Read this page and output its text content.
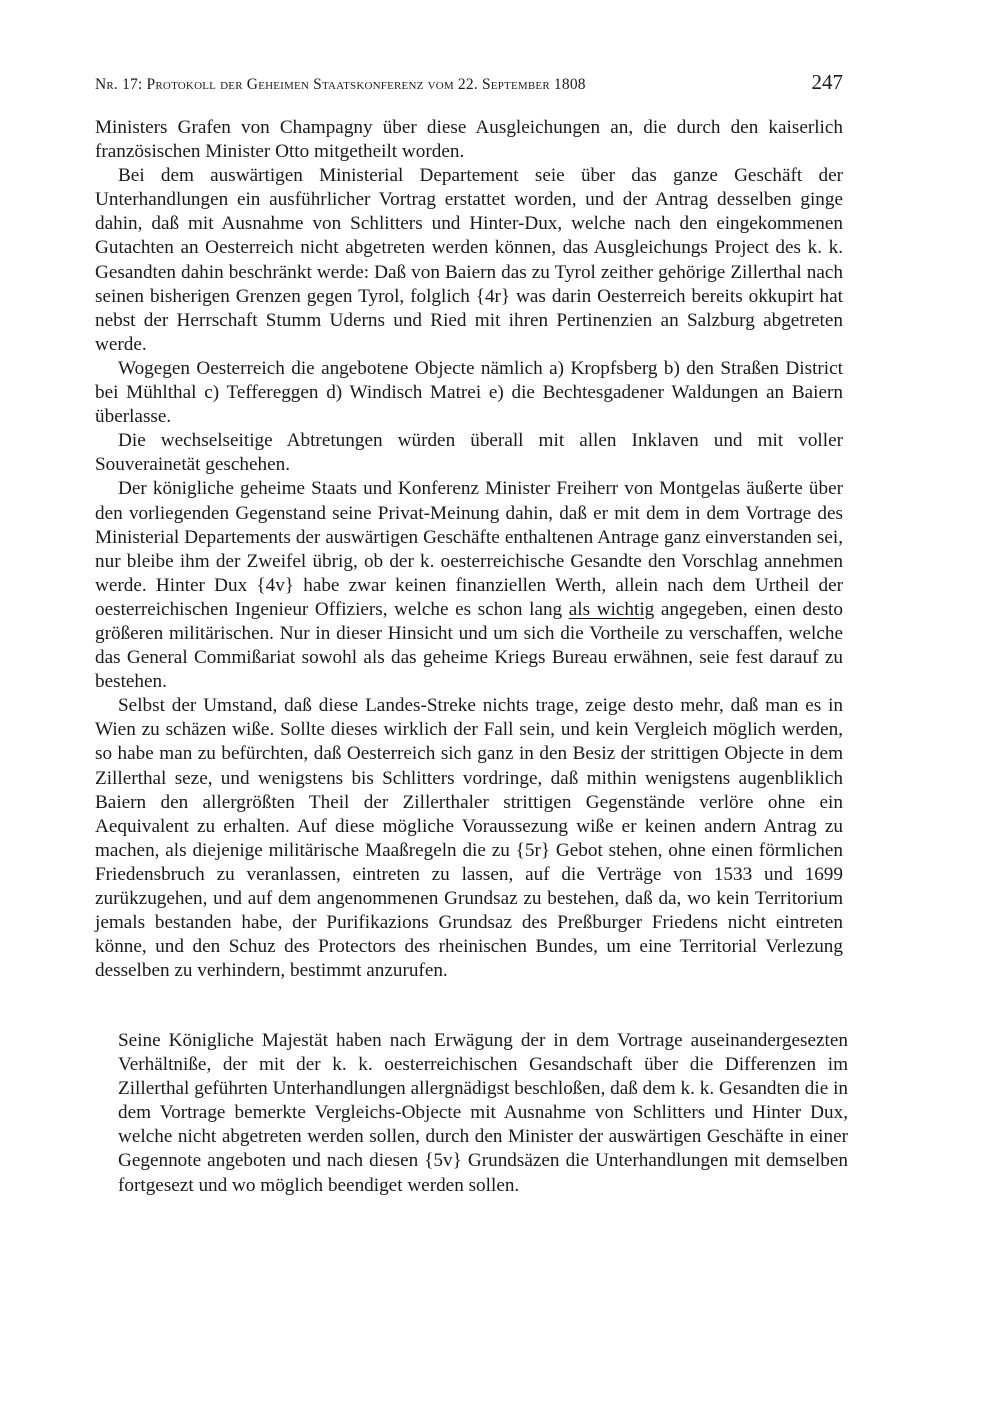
Nr. 17: Protokoll der Geheimen Staatskonferenz vom 22. September 1808	247

Ministers Grafen von Champagny über diese Ausgleichungen an, die durch den kaiserlich französischen Minister Otto mitgetheilt worden.

Bei dem auswärtigen Ministerial Departement seie über das ganze Geschäft der Unterhandlungen ein ausführlicher Vortrag erstattet worden, und der Antrag desselben ginge dahin, daß mit Ausnahme von Schlitters und Hinter-Dux, welche nach den eingekommenen Gutachten an Oesterreich nicht abgetreten werden können, das Ausgleichungs Project des k. k. Gesandten dahin beschränkt werde: Daß von Baiern das zu Tyrol zeither gehörige Zillerthal nach seinen bisherigen Grenzen gegen Tyrol, folglich {4r} was darin Oesterreich bereits okkupirt hat nebst der Herrschaft Stumm Uderns und Ried mit ihren Pertinenzien an Salzburg abgetreten werde.

Wogegen Oesterreich die angebotene Objecte nämlich a) Kropfsberg b) den Straßen District bei Mühlthal c) Teffereggen d) Windisch Matrei e) die Bechtesgadener Waldungen an Baiern überlasse.

Die wechselseitige Abtretungen würden überall mit allen Inklaven und mit voller Souverainetät geschehen.

Der königliche geheime Staats und Konferenz Minister Freiherr von Montgelas äußerte über den vorliegenden Gegenstand seine Privat-Meinung dahin, daß er mit dem in dem Vortrage des Ministerial Departements der auswärtigen Geschäfte enthaltenen Antrage ganz einverstanden sei, nur bleibe ihm der Zweifel übrig, ob der k. oesterreichische Gesandte den Vorschlag annehmen werde. Hinter Dux {4v} habe zwar keinen finanziellen Werth, allein nach dem Urtheil der oesterreichischen Ingenieur Offiziers, welche es schon lang als wichtig angegeben, einen desto größeren militärischen. Nur in dieser Hinsicht und um sich die Vortheile zu verschaffen, welche das General Commißariat sowohl als das geheime Kriegs Bureau erwähnen, seie fest darauf zu bestehen.

Selbst der Umstand, daß diese Landes-Streke nichts trage, zeige desto mehr, daß man es in Wien zu schäzen wiße. Sollte dieses wirklich der Fall sein, und kein Vergleich möglich werden, so habe man zu befürchten, daß Oesterreich sich ganz in den Besiz der strittigen Objecte in dem Zillerthal seze, und wenigstens bis Schlitters vordringe, daß mithin wenigstens augenbliklich Baiern den allergrößten Theil der Zillerthaler strittigen Gegenstände verlöre ohne ein Aequivalent zu erhalten. Auf diese mögliche Voraussezung wiße er keinen andern Antrag zu machen, als diejenige militärische Maaßregeln die zu {5r} Gebot stehen, ohne einen förmlichen Friedensbruch zu veranlassen, eintreten zu lassen, auf die Verträge von 1533 und 1699 zurükzugehen, und auf dem angenommenen Grundsaz zu bestehen, daß da, wo kein Territorium jemals bestanden habe, der Purifikazions Grundsaz des Preßburger Friedens nicht eintreten könne, und den Schuz des Protectors des rheinischen Bundes, um eine Territorial Verlezung desselben zu verhindern, bestimmt anzurufen.

Seine Königliche Majestät haben nach Erwägung der in dem Vortrage auseinandergesezten Verhältniße, der mit der k. k. oesterreichischen Gesandschaft über die Differenzen im Zillerthal geführten Unterhandlungen allergnädigst beschloßen, daß dem k. k. Gesandten die in dem Vortrage bemerkte Vergleichs-Objecte mit Ausnahme von Schlitters und Hinter Dux, welche nicht abgetreten werden sollen, durch den Minister der auswärtigen Geschäfte in einer Gegennote angeboten und nach diesen {5v} Grundsäzen die Unterhandlungen mit demselben fortgesezt und wo möglich beendiget werden sollen.
